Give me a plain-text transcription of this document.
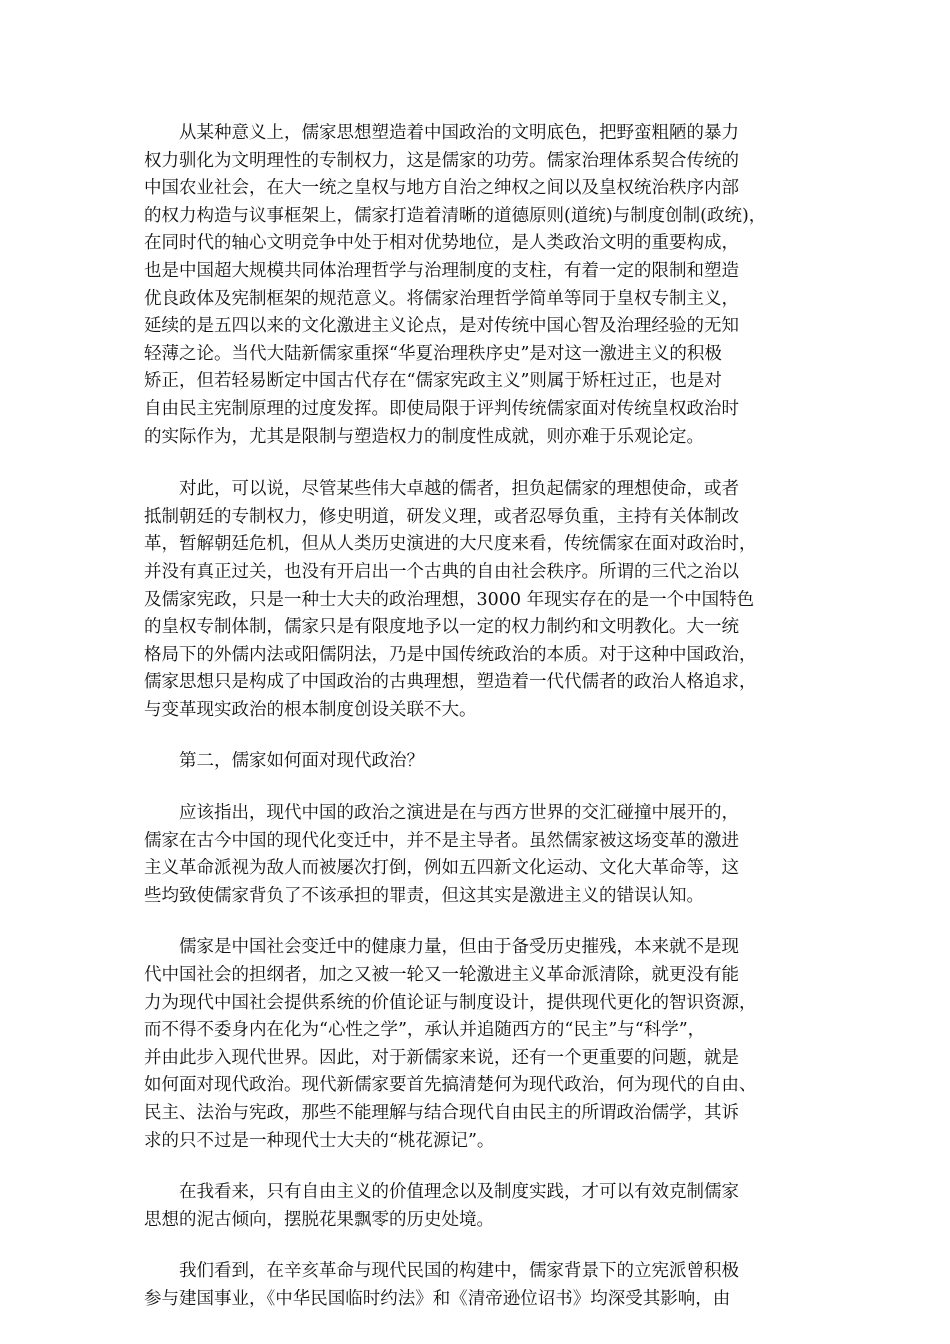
从某种意义上，儒家思想塑造着中国政治的文明底色，把野蛮粗陋的暴力
权力驯化为文明理性的专制权力，这是儒家的功劳。儒家治理体系契合传统的
中国农业社会，在大一统之皇权与地方自治之绅权之间以及皇权统治秩序内部
的权力构造与议事框架上，儒家打造着清晰的道德原则(道统)与制度创制(政统)，
在同时代的轴心文明竞争中处于相对优势地位，是人类政治文明的重要构成，
也是中国超大规模共同体治理哲学与治理制度的支柱，有着一定的限制和塑造
优良政体及宪制框架的规范意义。将儒家治理哲学简单等同于皇权专制主义，
延续的是五四以来的文化激进主义论点，是对传统中国心智及治理经验的无知
轻薄之论。当代大陆新儒家重探“华夏治理秩序史”是对这一激进主义的积极
矫正，但若轻易断定中国古代存在“儒家宪政主义”则属于矫枉过正，也是对
自由民主宪制原理的过度发挥。即使局限于评判传统儒家面对传统皇权政治时
的实际作为，尤其是限制与塑造权力的制度性成就，则亦难于乐观论定。
对此，可以说，尽管某些伟大卓越的儒者，担负起儒家的理想使命，或者
抵制朝廷的专制权力，修史明道，研发义理，或者忍辱负重，主持有关体制改
革，暂解朝廷危机，但从人类历史演进的大尺度来看，传统儒家在面对政治时，
并没有真正过关，也没有开启出一个古典的自由社会秩序。所谓的三代之治以
及儒家宪政，只是一种士大夫的政治理想，3000 年现实存在的是一个中国特色
的皇权专制体制，儒家只是有限度地予以一定的权力制约和文明教化。大一统
格局下的外儒内法或阳儒阴法，乃是中国传统政治的本质。对于这种中国政治，
儒家思想只是构成了中国政治的古典理想，塑造着一代代儒者的政治人格追求，
与变革现实政治的根本制度创设关联不大。
第二，儒家如何面对现代政治？
应该指出，现代中国的政治之演进是在与西方世界的交汇碰撞中展开的，
儒家在古今中国的现代化变迁中，并不是主导者。虽然儒家被这场变革的激进
主义革命派视为敌人而被屡次打倒，例如五四新文化运动、文化大革命等，这
些均致使儒家背负了不该承担的罪责，但这其实是激进主义的错误认知。
儒家是中国社会变迁中的健康力量，但由于备受历史摧残，本来就不是现
代中国社会的担纲者，加之又被一轮又一轮激进主义革命派清除，就更没有能
力为现代中国社会提供系统的价值论证与制度设计，提供现代更化的智识资源，
而不得不委身内在化为“心性之学”，承认并追随西方的“民主”与“科学”，
并由此步入现代世界。因此，对于新儒家来说，还有一个更重要的问题，就是
如何面对现代政治。现代新儒家要首先搞清楚何为现代政治，何为现代的自由、
民主、法治与宪政，那些不能理解与结合现代自由民主的所谓政治儒学，其诉
求的只不过是一种现代士大夫的“桃花源记”。
在我看来，只有自由主义的价值理念以及制度实践，才可以有效克制儒家
思想的泥古倾向，摆脱花果飘零的历史处境。
我们看到，在辛亥革命与现代民国的构建中，儒家背景下的立宪派曾积极
参与建国事业，《中华民国临时约法》和《清帝逊位诏书》均深受其影响，由
